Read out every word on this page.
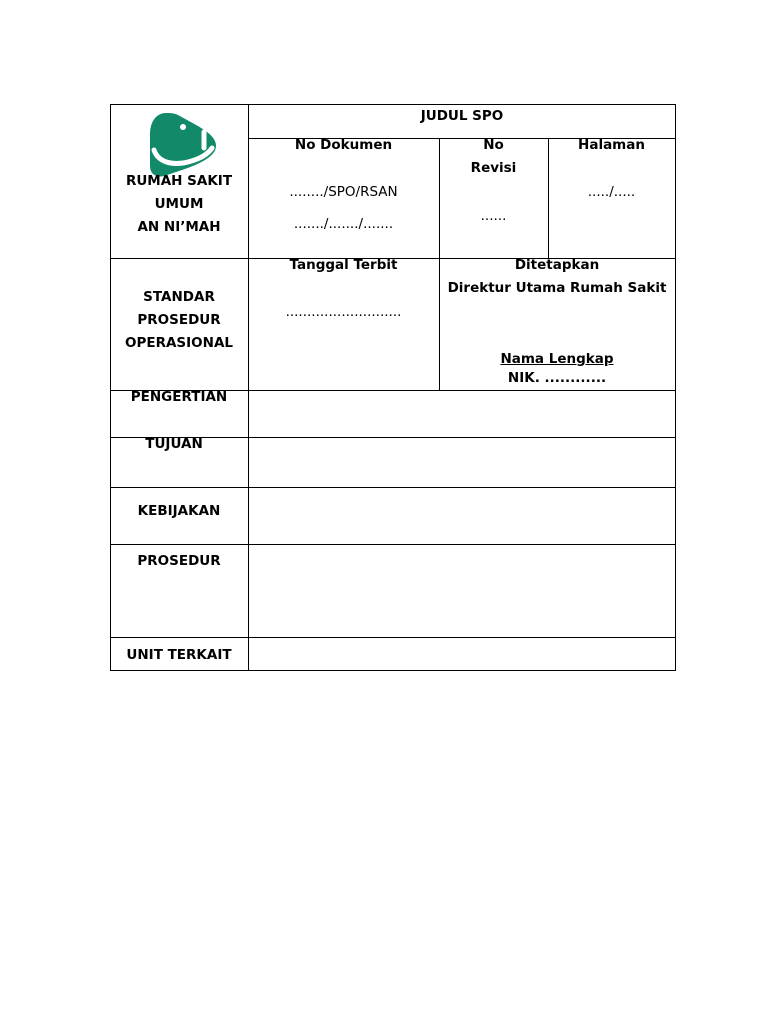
RUMAH SAKIT
UMUM
AN NI’MAH
JUDUL SPO
No Dokumen
......../SPO/RSAN
......./......./.......
No
Revisi
......
Halaman
...../.....
STANDAR
PROSEDUR
OPERASIONAL
Tanggal Terbit
...........................
Ditetapkan
Direktur Utama Rumah Sakit
Nama Lengkap
NIK. ............
PENGERTIAN
TUJUAN
KEBIJAKAN
PROSEDUR
UNIT TERKAIT
